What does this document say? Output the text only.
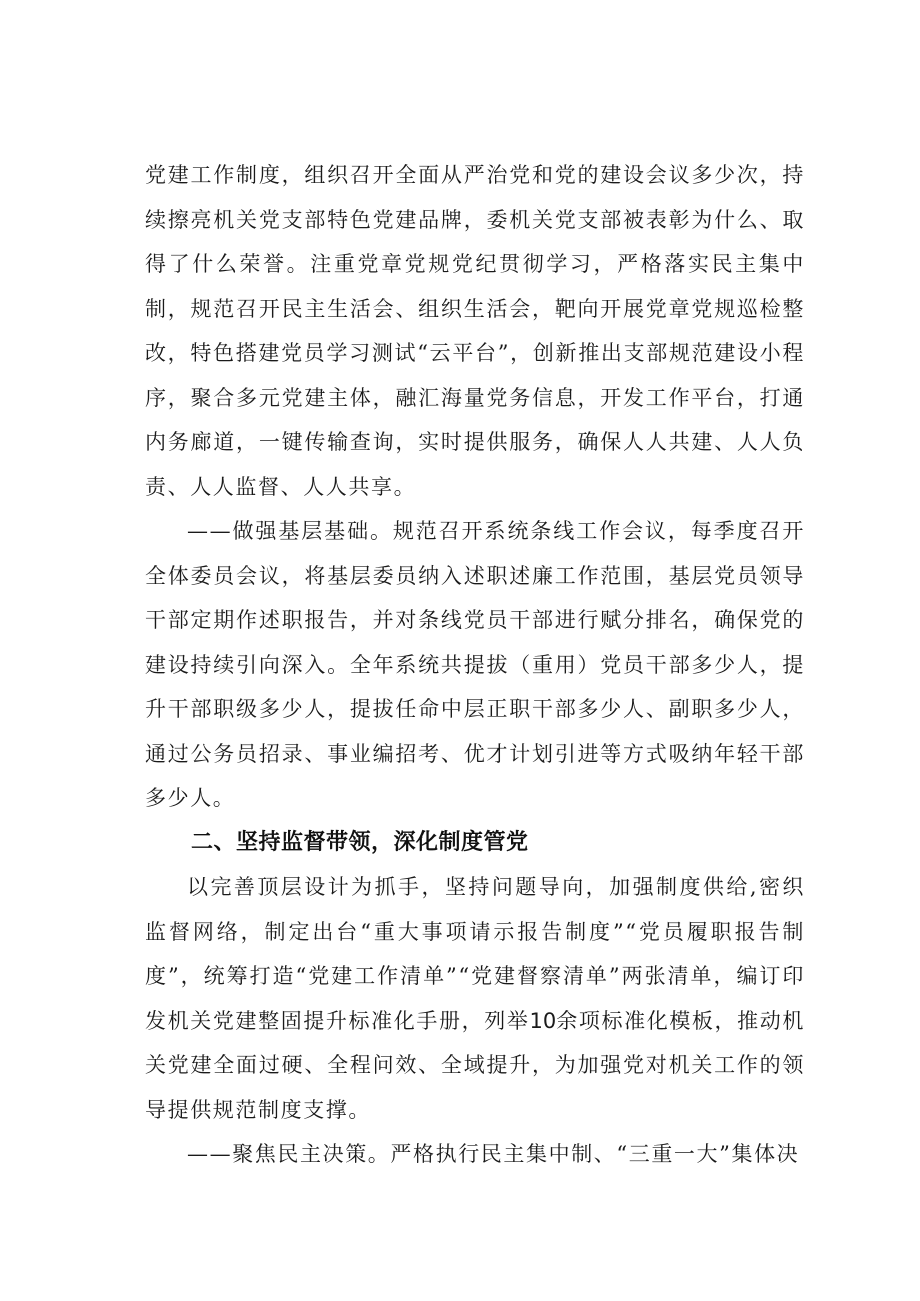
党建工作制度，组织召开全面从严治党和党的建设会议多少次，持续擦亮机关党支部特色党建品牌，委机关党支部被表彰为什么、取得了什么荣誉。注重党章党规党纪贯彻学习，严格落实民主集中制，规范召开民主生活会、组织生活会，靶向开展党章党规巡检整改，特色搭建党员学习测试“云平台”，创新推出支部规范建设小程序，聚合多元党建主体，融汇海量党务信息，开发工作平台，打通内务廊道，一键传输查询，实时提供服务，确保人人共建、人人负责、人人监督、人人共享。

——做强基层基础。规范召开系统条线工作会议，每季度召开全体委员会议，将基层委员纳入述职述廉工作范围，基层党员领导干部定期作述职报告，并对条线党员干部进行赋分排名，确保党的建设持续引向深入。全年系统共提拔（重用）党员干部多少人，提升干部职级多少人，提拔任命中层正职干部多少人、副职多少人，通过公务员招录、事业编招考、优才计划引进等方式吸纳年轻干部多少人。

二、坚持监督带领，深化制度管党

以完善顶层设计为抓手，坚持问题导向，加强制度供给,密织监督网络，制定出台“重大事项请示报告制度”“党员履职报告制度”，统筹打造“党建工作清单”“党建督察清单”两张清单，编订印发机关党建整固提升标准化手册，列举10余项标准化模板，推动机关党建全面过硬、全程问效、全域提升，为加强党对机关工作的领导提供规范制度支撑。

——聚焦民主决策。严格执行民主集中制、“三重一大”集体决
